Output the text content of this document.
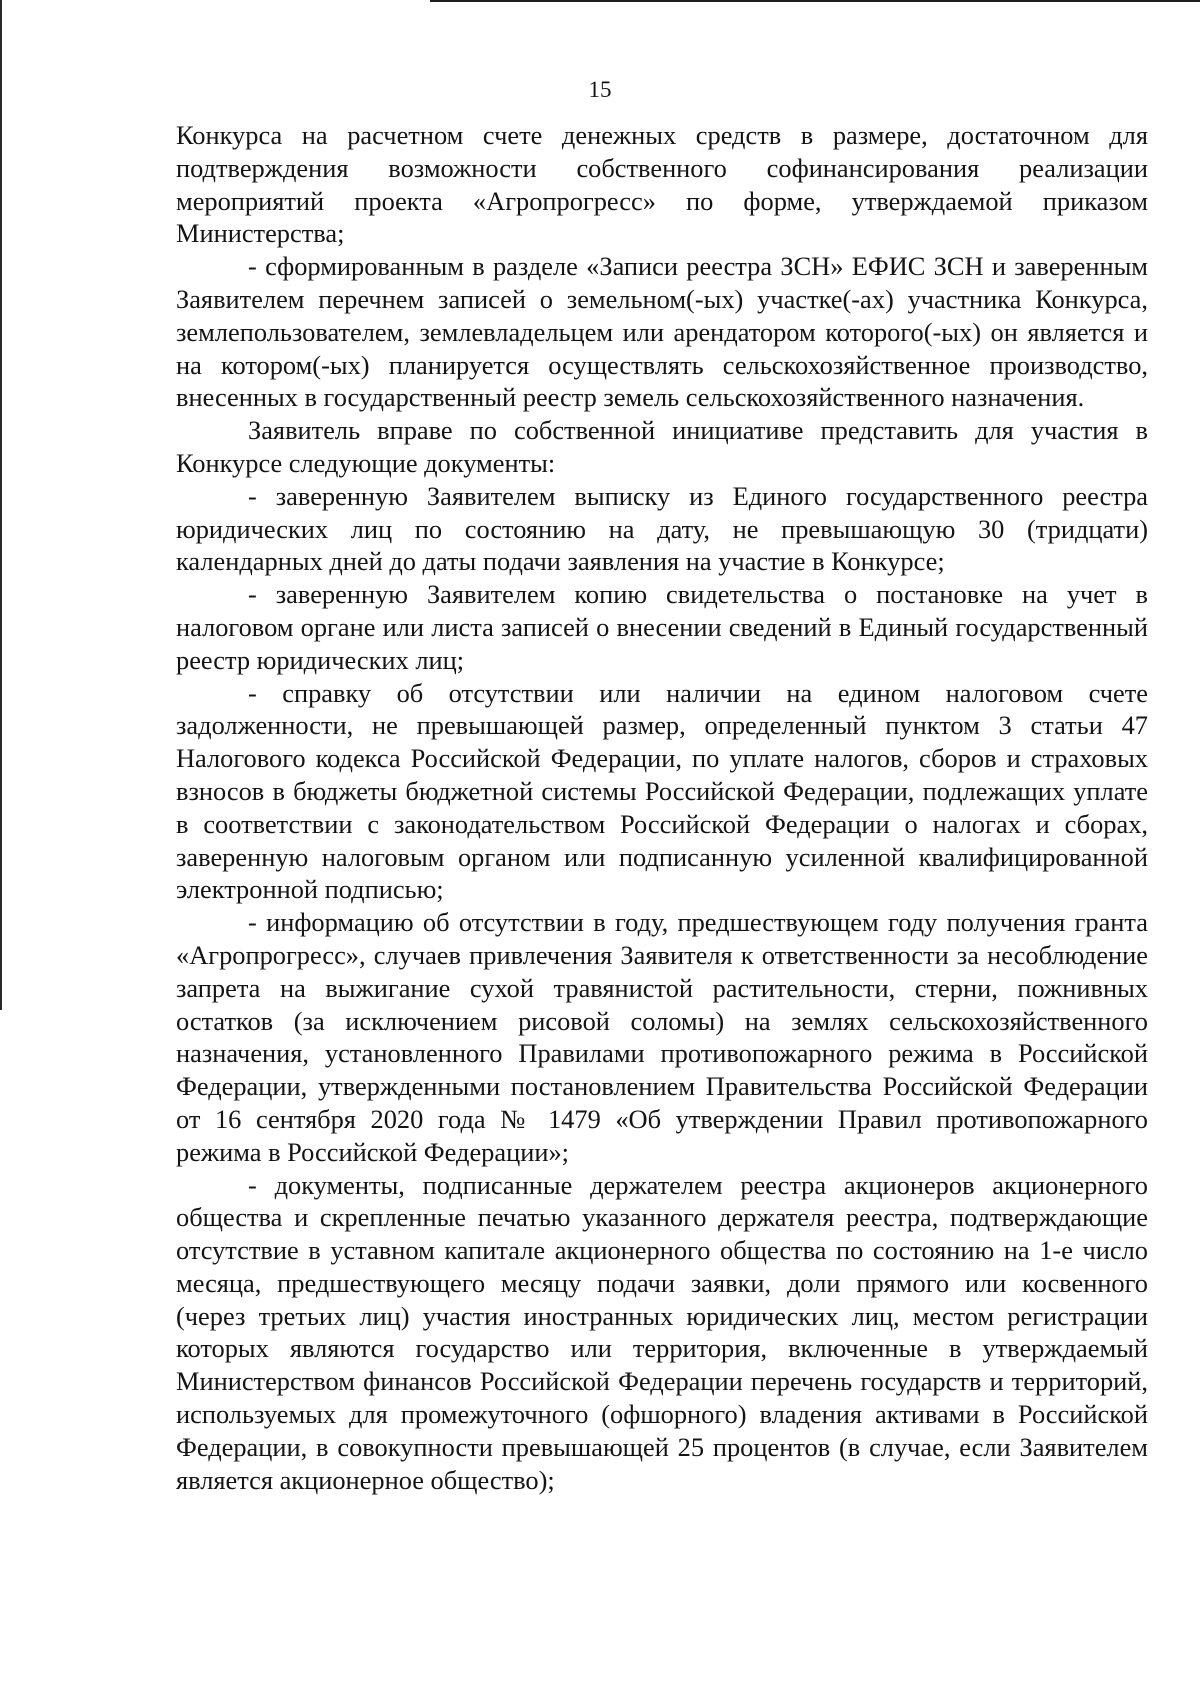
15

Конкурса на расчетном счете денежных средств в размере, достаточном для подтверждения возможности собственного софинансирования реализации мероприятий проекта «Агропрогресс» по форме, утверждаемой приказом Министерства;

- сформированным в разделе «Записи реестра ЗСН» ЕФИС ЗСН и заверенным Заявителем перечнем записей о земельном(-ых) участке(-ах) участника Конкурса, землепользователем, землевладельцем или арендатором которого(-ых) он является и на котором(-ых) планируется осуществлять сельскохозяйственное производство, внесенных в государственный реестр земель сельскохозяйственного назначения.

Заявитель вправе по собственной инициативе представить для участия в Конкурсе следующие документы:

- заверенную Заявителем выписку из Единого государственного реестра юридических лиц по состоянию на дату, не превышающую 30 (тридцати) календарных дней до даты подачи заявления на участие в Конкурсе;

- заверенную Заявителем копию свидетельства о постановке на учет в налоговом органе или листа записей о внесении сведений в Единый государственный реестр юридических лиц;

- справку об отсутствии или наличии на едином налоговом счете задолженности, не превышающей размер, определенный пунктом 3 статьи 47 Налогового кодекса Российской Федерации, по уплате налогов, сборов и страховых взносов в бюджеты бюджетной системы Российской Федерации, подлежащих уплате в соответствии с законодательством Российской Федерации о налогах и сборах, заверенную налоговым органом или подписанную усиленной квалифицированной электронной подписью;

- информацию об отсутствии в году, предшествующем году получения гранта «Агропрогресс», случаев привлечения Заявителя к ответственности за несоблюдение запрета на выжигание сухой травянистой растительности, стерни, пожнивных остатков (за исключением рисовой соломы) на землях сельскохозяйственного назначения, установленного Правилами противопожарного режима в Российской Федерации, утвержденными постановлением Правительства Российской Федерации от 16 сентября 2020 года № 1479 «Об утверждении Правил противопожарного режима в Российской Федерации»;

- документы, подписанные держателем реестра акционеров акционерного общества и скрепленные печатью указанного держателя реестра, подтверждающие отсутствие в уставном капитале акционерного общества по состоянию на 1-е число месяца, предшествующего месяцу подачи заявки, доли прямого или косвенного (через третьих лиц) участия иностранных юридических лиц, местом регистрации которых являются государство или территория, включенные в утверждаемый Министерством финансов Российской Федерации перечень государств и территорий, используемых для промежуточного (офшорного) владения активами в Российской Федерации, в совокупности превышающей 25 процентов (в случае, если Заявителем является акционерное общество);
